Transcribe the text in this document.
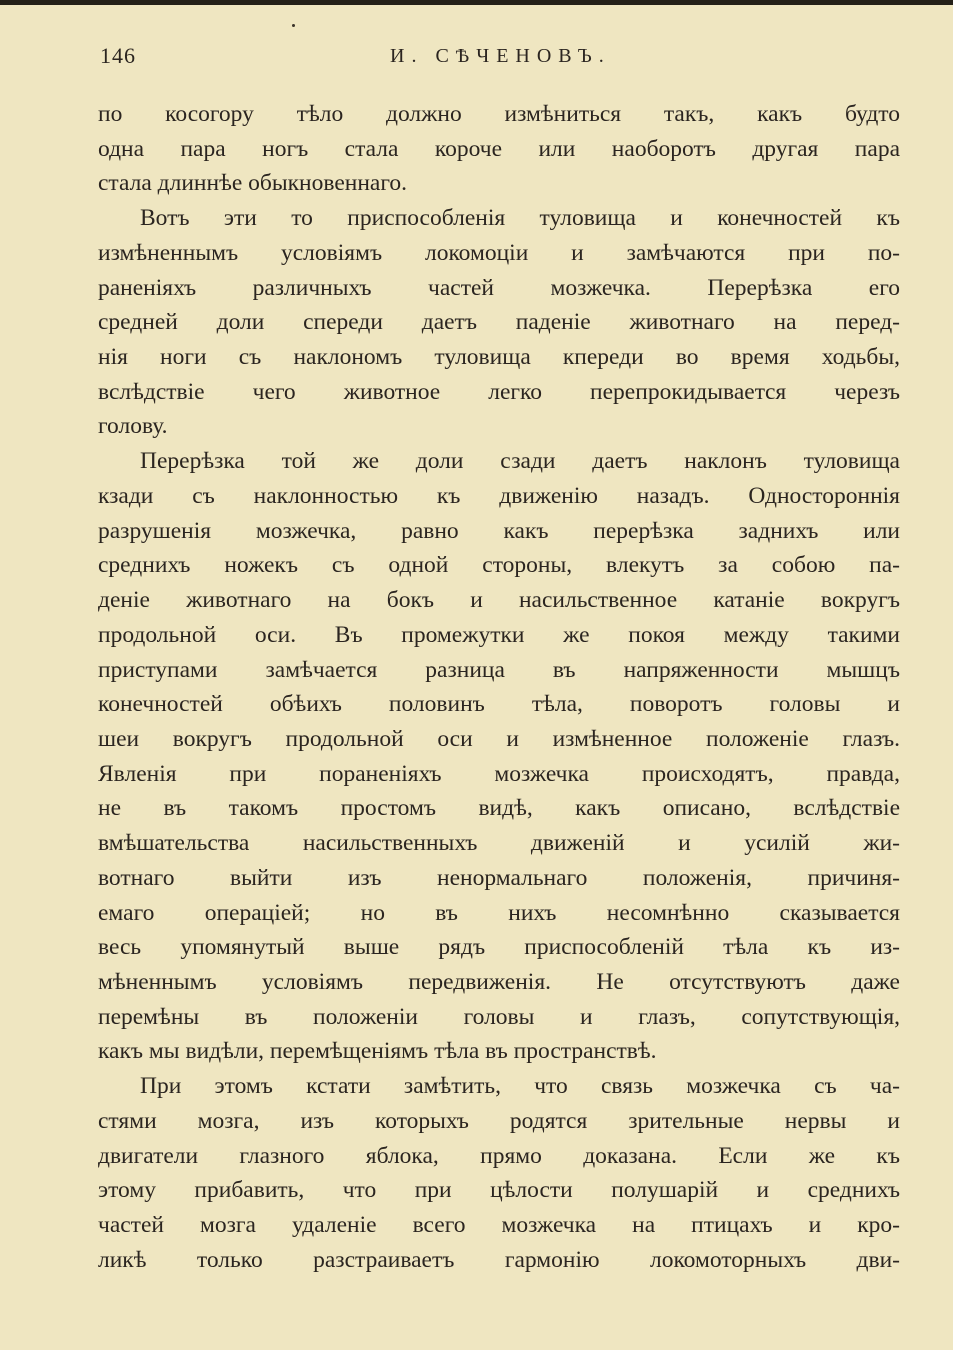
146	И. СѢЧЕНОВЪ.
по косогору тѣло должно измѣниться такъ, какъ будто
одна пара ногъ стала короче или наоборотъ другая пара
стала длиннѣе обыкновеннаго.
Вотъ эти то приспособленія туловища и конечностей къ
измѣненнымъ условіямъ локомоціи и замѣчаются при по-
раненіяхъ различныхъ частей мозжечка. Перерѣзка его
средней доли спереди даетъ паденіе животнаго на перед-
нія ноги съ наклономъ туловища кпереди во время ходьбы,
вслѣдствіе чего животное легко перепрокидываетcя черезъ
голову.
Перерѣзка той же доли сзади даетъ наклонъ туловища
кзади съ наклонностью къ движенію назадъ. Одностороннія
разрушенія мозжечка, равно какъ перерѣзка заднихъ или
среднихъ ножекъ съ одной стороны, влекутъ за собою па-
деніе животнаго на бокъ и насильственное катаніе вокругъ
продольной оси. Въ промежутки же покоя между такими
приступами замѣчается разница въ напряженности мышцъ
конечностей обѣихъ половинъ тѣла, поворотъ головы и
шеи вокругъ продольной оси и измѣненное положеніе глазъ.
Явленія при пораненіяхъ мозжечка происходятъ, правда,
не въ такомъ простомъ видѣ, какъ описано, вслѣдствіе
вмѣшательства насильственныхъ движеній и усилій жи-
вотнаго выйти изъ ненормальнаго положенія, причиня-
емаго операціей; но въ нихъ несомнѣнно сказывается
весь упомянутый выше рядъ приспособленій тѣла къ из-
мѣненнымъ условіямъ передвиженія. Не отсутствуютъ даже
перемѣны въ положеніи головы и глазъ, сопутствующія,
какъ мы видѣли, перемѣщеніямъ тѣла въ пространствѣ.
При этомъ кстати замѣтить, что связь мозжечка съ ча-
стями мозга, изъ которыхъ родятся зрительные нервы и
двигатели глазного яблока, прямо доказана. Если же къ
этому прибавить, что при цѣлости полушарій и среднихъ
частей мозга удаленіе всего мозжечка на птицахъ и кро-
ликѣ только разстраиваетъ гармонію локомоторныхъ дви-
